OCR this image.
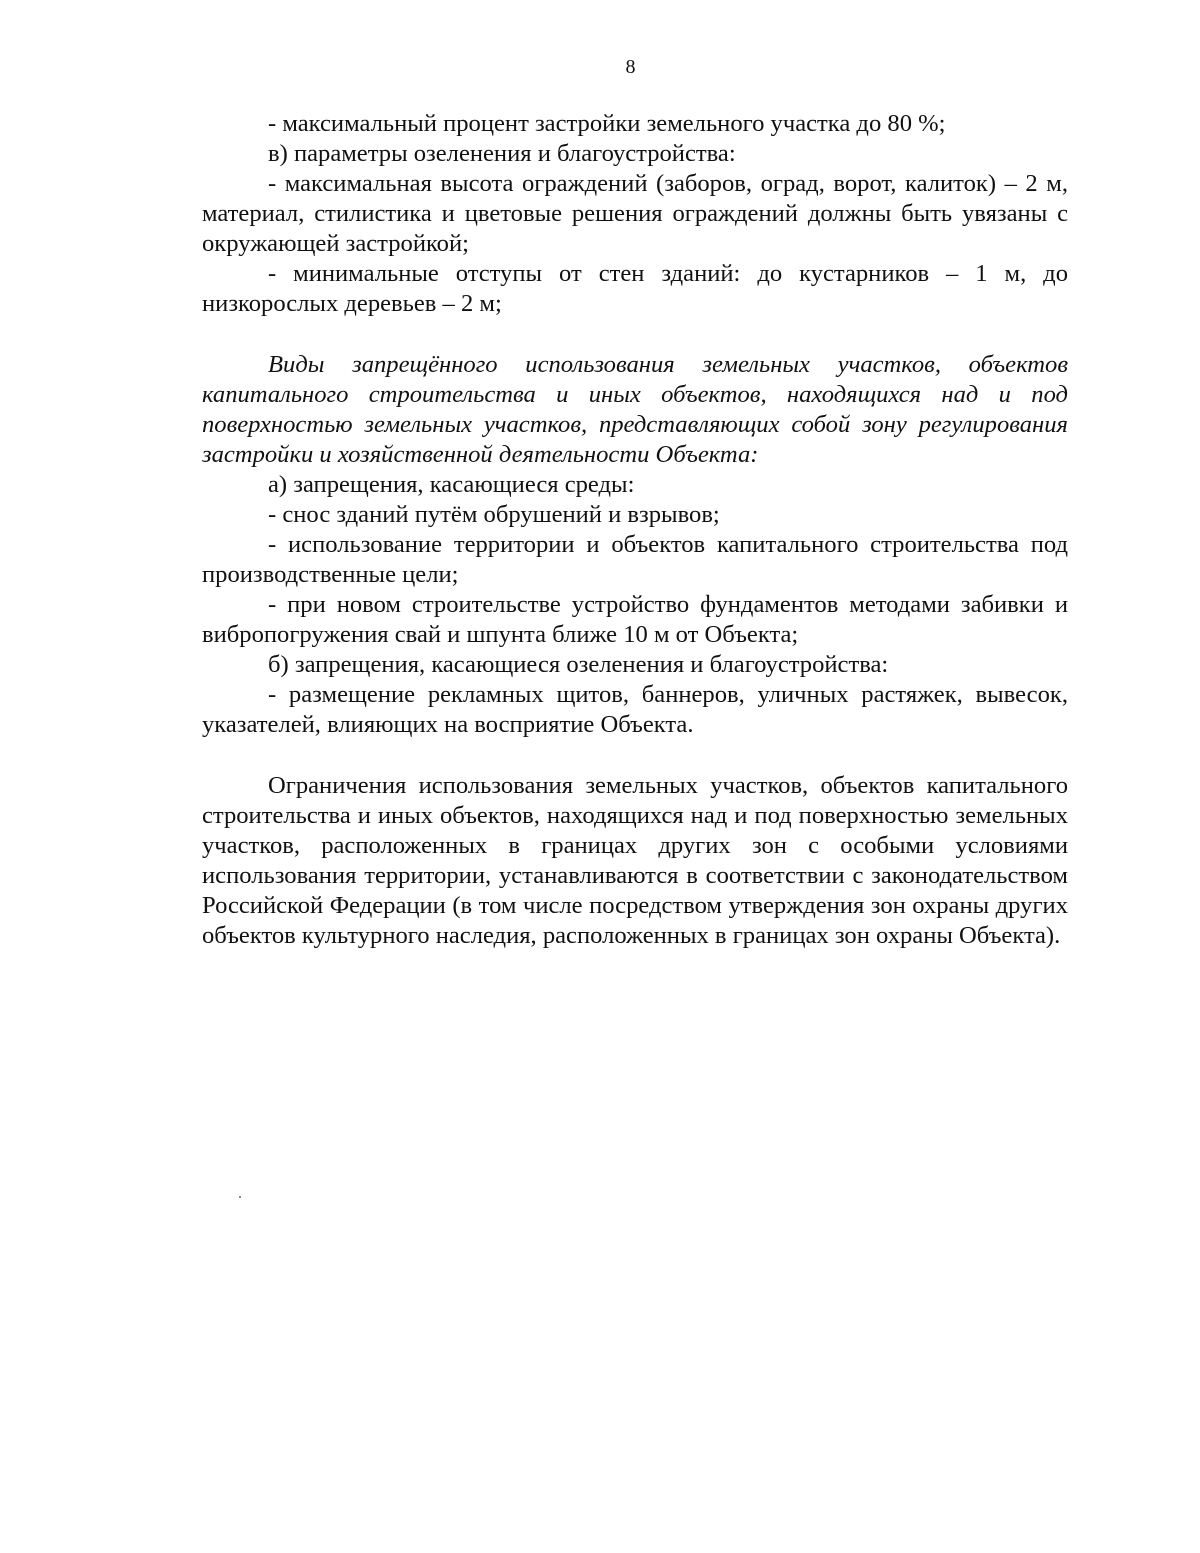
8

- максимальный процент застройки земельного участка до 80 %;

в) параметры озеленения и благоустройства:

- максимальная высота ограждений (заборов, оград, ворот, калиток) – 2 м, материал, стилистика и цветовые решения ограждений должны быть увязаны с окружающей застройкой;

- минимальные отступы от стен зданий: до кустарников – 1 м, до низкорослых деревьев – 2 м;

Виды запрещённого использования земельных участков, объектов капитального строительства и иных объектов, находящихся над и под поверхностью земельных участков, представляющих собой зону регулирования застройки и хозяйственной деятельности Объекта:

а) запрещения, касающиеся среды:

- снос зданий путём обрушений и взрывов;

- использование территории и объектов капитального строительства под производственные цели;

- при новом строительстве устройство фундаментов методами забивки и вибропогружения свай и шпунта ближе 10 м от Объекта;

б) запрещения, касающиеся озеленения и благоустройства:

- размещение рекламных щитов, баннеров, уличных растяжек, вывесок, указателей, влияющих на восприятие Объекта.

Ограничения использования земельных участков, объектов капитального строительства и иных объектов, находящихся над и под поверхностью земельных участков, расположенных в границах других зон с особыми условиями использования территории, устанавливаются в соответствии с законодательством Российской Федерации (в том числе посредством утверждения зон охраны других объектов культурного наследия, расположенных в границах зон охраны Объекта).
